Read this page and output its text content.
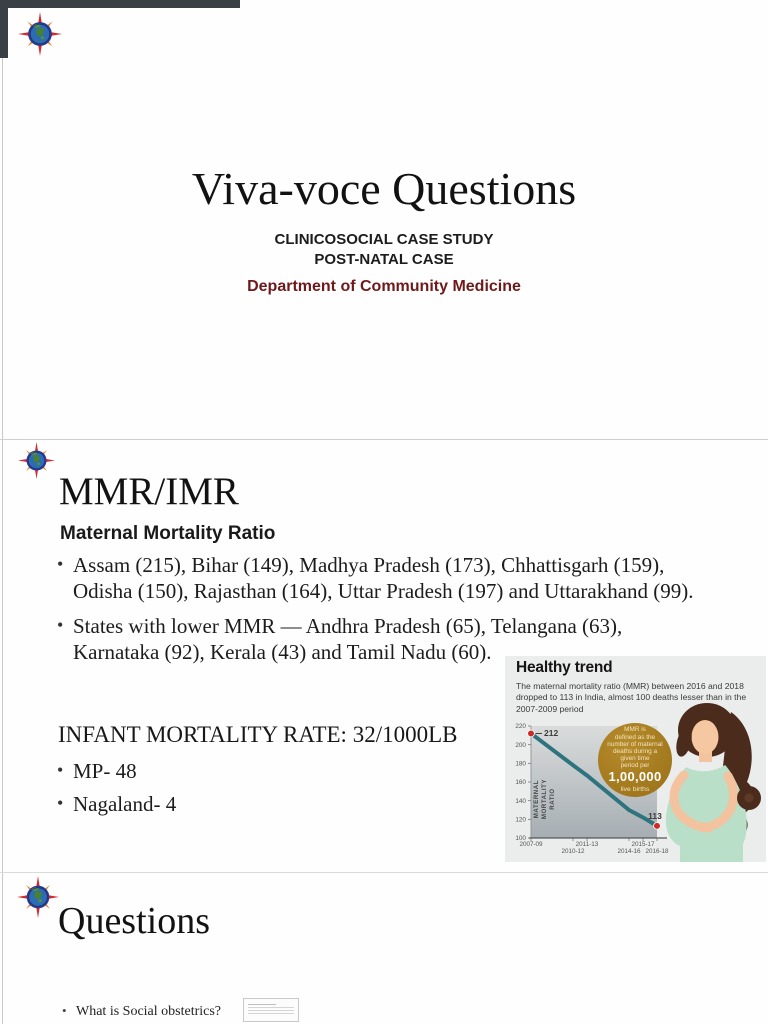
Viva-voce Questions
CLINICOSOCIAL CASE STUDY
POST-NATAL CASE
Department of Community Medicine
MMR/IMR
Maternal Mortality Ratio
• Assam (215), Bihar (149), Madhya Pradesh (173), Chhattisgarh (159), Odisha (150), Rajasthan (164), Uttar Pradesh (197) and Uttarakhand (99).
• States with lower MMR — Andhra Pradesh (65), Telangana (63), Karnataka (92), Kerala (43) and Tamil Nadu (60).
INFANT MORTALITY RATE: 32/1000LB
• MP- 48
• Nagaland- 4
220
200
180
160
140
120
100
212
113
Healthy trend
The maternal mortality ratio (MMR) between 2016 and 2018 dropped to 113 in India, almost 100 deaths lesser than in the 2007-2009 period
MATERNAL MORTALITY RATIO
MMR is
defined as the
number of maternal
deaths during a
given time
period per
1,00,000
live births
2007-09
2010-12
2011-13
2014-16
2015-17
2016-18
Questions
• What is Social obstetrics?
